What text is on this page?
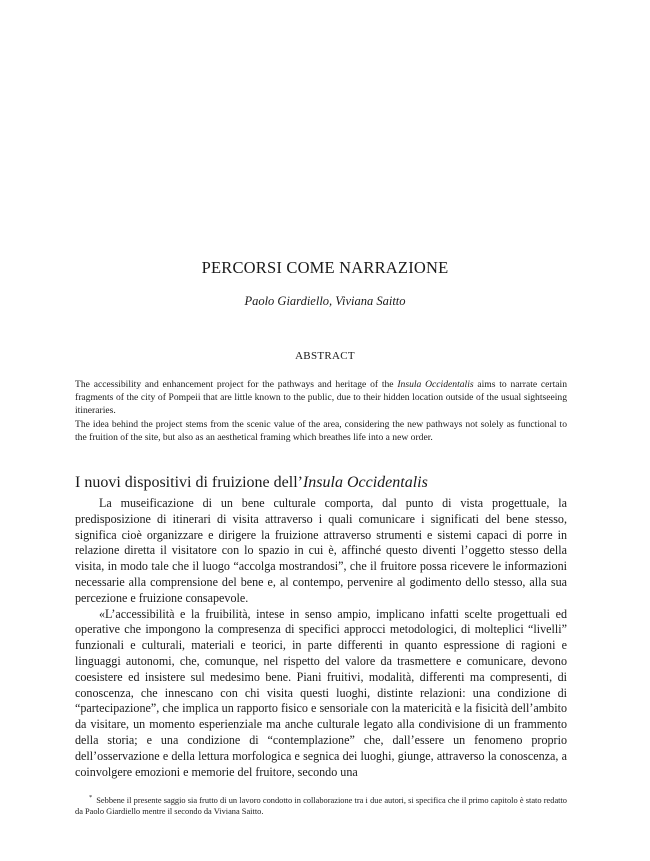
PERCORSI COME NARRAZIONE
Paolo Giardiello, Viviana Saitto
ABSTRACT

The accessibility and enhancement project for the pathways and heritage of the Insula Occidentalis aims to narrate certain fragments of the city of Pompeii that are little known to the public, due to their hidden location outside of the usual sightseeing itineraries.

The idea behind the project stems from the scenic value of the area, considering the new pathways not solely as functional to the fruition of the site, but also as an aesthetical framing which breathes life into a new order.

I nuovi dispositivi di fruizione dell’Insula Occidentalis

La museificazione di un bene culturale comporta, dal punto di vista progettuale, la predisposizione di itinerari di visita attraverso i quali comunicare i significati del bene stesso, significa cioè organizzare e dirigere la fruizione attraverso strumenti e sistemi capaci di porre in relazione diretta il visitatore con lo spazio in cui è, affinché questo diventi l’oggetto stesso della visita, in modo tale che il luogo “accolga mostrandosi”, che il fruitore possa ricevere le informazioni necessarie alla comprensione del bene e, al contempo, pervenire al godimento dello stesso, alla sua percezione e fruizione consapevole.

«L’accessibilità e la fruibilità, intese in senso ampio, implicano infatti scelte progettuali ed operative che impongono la compresenza di specifici approcci metodologici, di molteplici “livelli” funzionali e culturali, materiali e teorici, in parte differenti in quanto espressione di ragioni e linguaggi autonomi, che, comunque, nel rispetto del valore da trasmettere e comunicare, devono coesistere ed insistere sul medesimo bene. Piani fruitivi, modalità, differenti ma compresenti, di conoscenza, che innescano con chi visita questi luoghi, distinte relazioni: una condizione di “partecipazione”, che implica un rapporto fisico e sensoriale con la matericità e la fisicità dell’ambito da visitare, un momento esperienziale ma anche culturale legato alla condivisione di un frammento della storia; e una condizione di “contemplazione” che, dall’essere un fenomeno proprio dell’osservazione e della lettura morfologica e segnica dei luoghi, giunge, attraverso la conoscenza, a coinvolgere emozioni e memorie del fruitore, secondo una

* Sebbene il presente saggio sia frutto di un lavoro condotto in collaborazione tra i due autori, si specifica che il primo capitolo è stato redatto da Paolo Giardiello mentre il secondo da Viviana Saitto.
